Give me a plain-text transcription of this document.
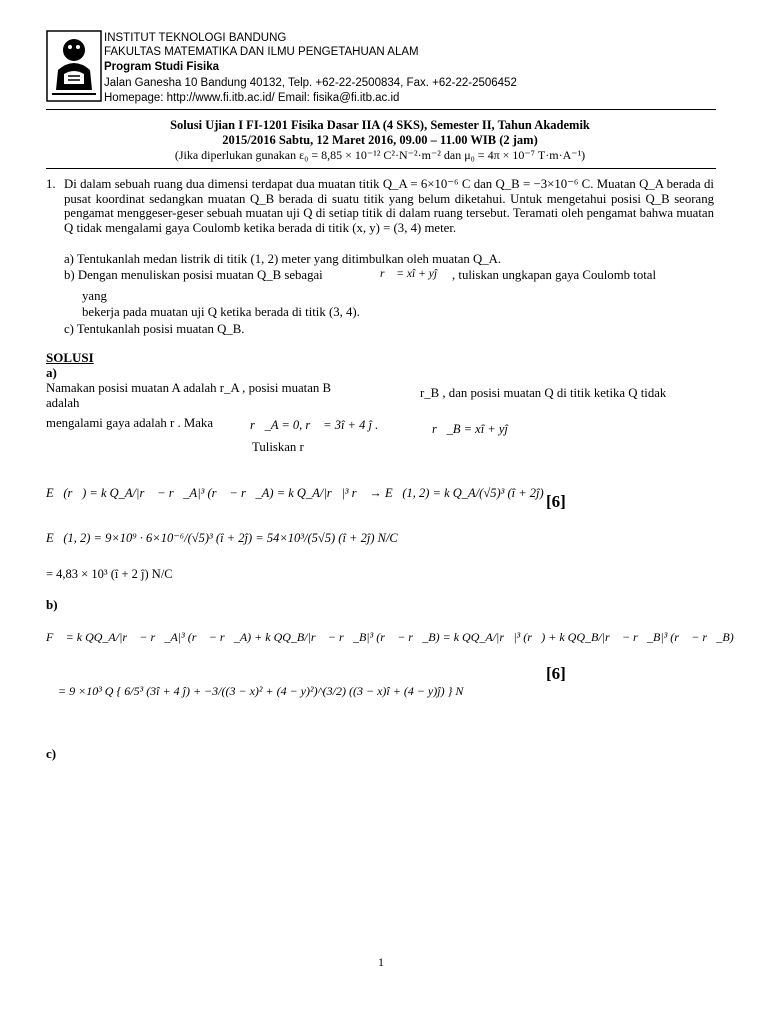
INSTITUT TEKNOLOGI BANDUNG
FAKULTAS MATEMATIKA DAN ILMU PENGETAHUAN ALAM
Program Studi Fisika
Jalan Ganesha 10 Bandung 40132, Telp. +62-22-2500834, Fax. +62-22-2506452
Homepage: http://www.fi.itb.ac.id/ Email: fisika@fi.itb.ac.id
Solusi Ujian I FI-1201 Fisika Dasar IIA (4 SKS), Semester II, Tahun Akademik
2015/2016 Sabtu, 12 Maret 2016, 09.00 – 11.00 WIB (2 jam)
(Jika diperlukan gunakan ε₀ = 8,85 × 10⁻¹² C²·N⁻²·m⁻² dan μ₀ = 4π × 10⁻⁷ T·m·A⁻¹)
1. Di dalam sebuah ruang dua dimensi terdapat dua muatan titik Q_A = 6×10⁻⁶ C dan Q_B = −3×10⁻⁶ C. Muatan Q_A berada di pusat koordinat sedangkan muatan Q_B berada di suatu titik yang belum diketahui. Untuk mengetahui posisi Q_B seorang pengamat menggeser-geser sebuah muatan uji Q di setiap titik di dalam ruang tersebut. Teramati oleh pengamat bahwa muatan Q tidak mengalami gaya Coulomb ketika berada di titik (x, y) = (3, 4) meter.
a) Tentukanlah medan listrik di titik (1, 2) meter yang ditimbulkan oleh muatan Q_A.
b) Dengan menuliskan posisi muatan Q_B sebagai	r⃗ = xî + yĵ , tuliskan ungkapan gaya Coulomb total
yang
bekerja pada muatan uji Q ketika berada di titik (3, 4).
c) Tentukanlah posisi muatan Q_B.
SOLUSI
a)
Namakan posisi muatan A adalah r_A , posisi muatan B
adalah
r_B , dan posisi muatan Q di titik ketika Q tidak
mengalami gaya adalah r . Maka	r⃗_A = 0, r⃗ = 3î + 4 ĵ .	r⃗_B = xî + yĵ
Tuliskan r
E⃗(r⃗) = k Q_A/|r⃗ − r⃗_A|³ (r⃗ − r⃗_A) = k Q_A/|r⃗|³ r⃗ → E⃗(1, 2) = k Q_A/(√5)³ (î + 2ĵ) [6]
E⃗(1, 2) = 9×10⁹ · 6×10⁻⁶/(√5)³ (î + 2ĵ) = 54×10³/(5√5) (î + 2ĵ) N/C
= 4,83 × 10³ (î + 2 ĵ) N/C
b)
F⃗ = k QQ_A/|r⃗ − r⃗_A|³ (r⃗ − r⃗_A) + k QQ_B/|r⃗ − r⃗_B|³ (r⃗ − r⃗_B) = k QQ_A/|r⃗|³ (r⃗) + k QQ_B/|r⃗ − r⃗_B|³ (r⃗ − r⃗_B)
[6]
= 9 ×10³ Q { 6/5³ (3î + 4 ĵ) + −3/((3 − x)² + (4 − y)²)^(3/2) ((3 − x)î + (4 − y)ĵ) } N
c)
1
